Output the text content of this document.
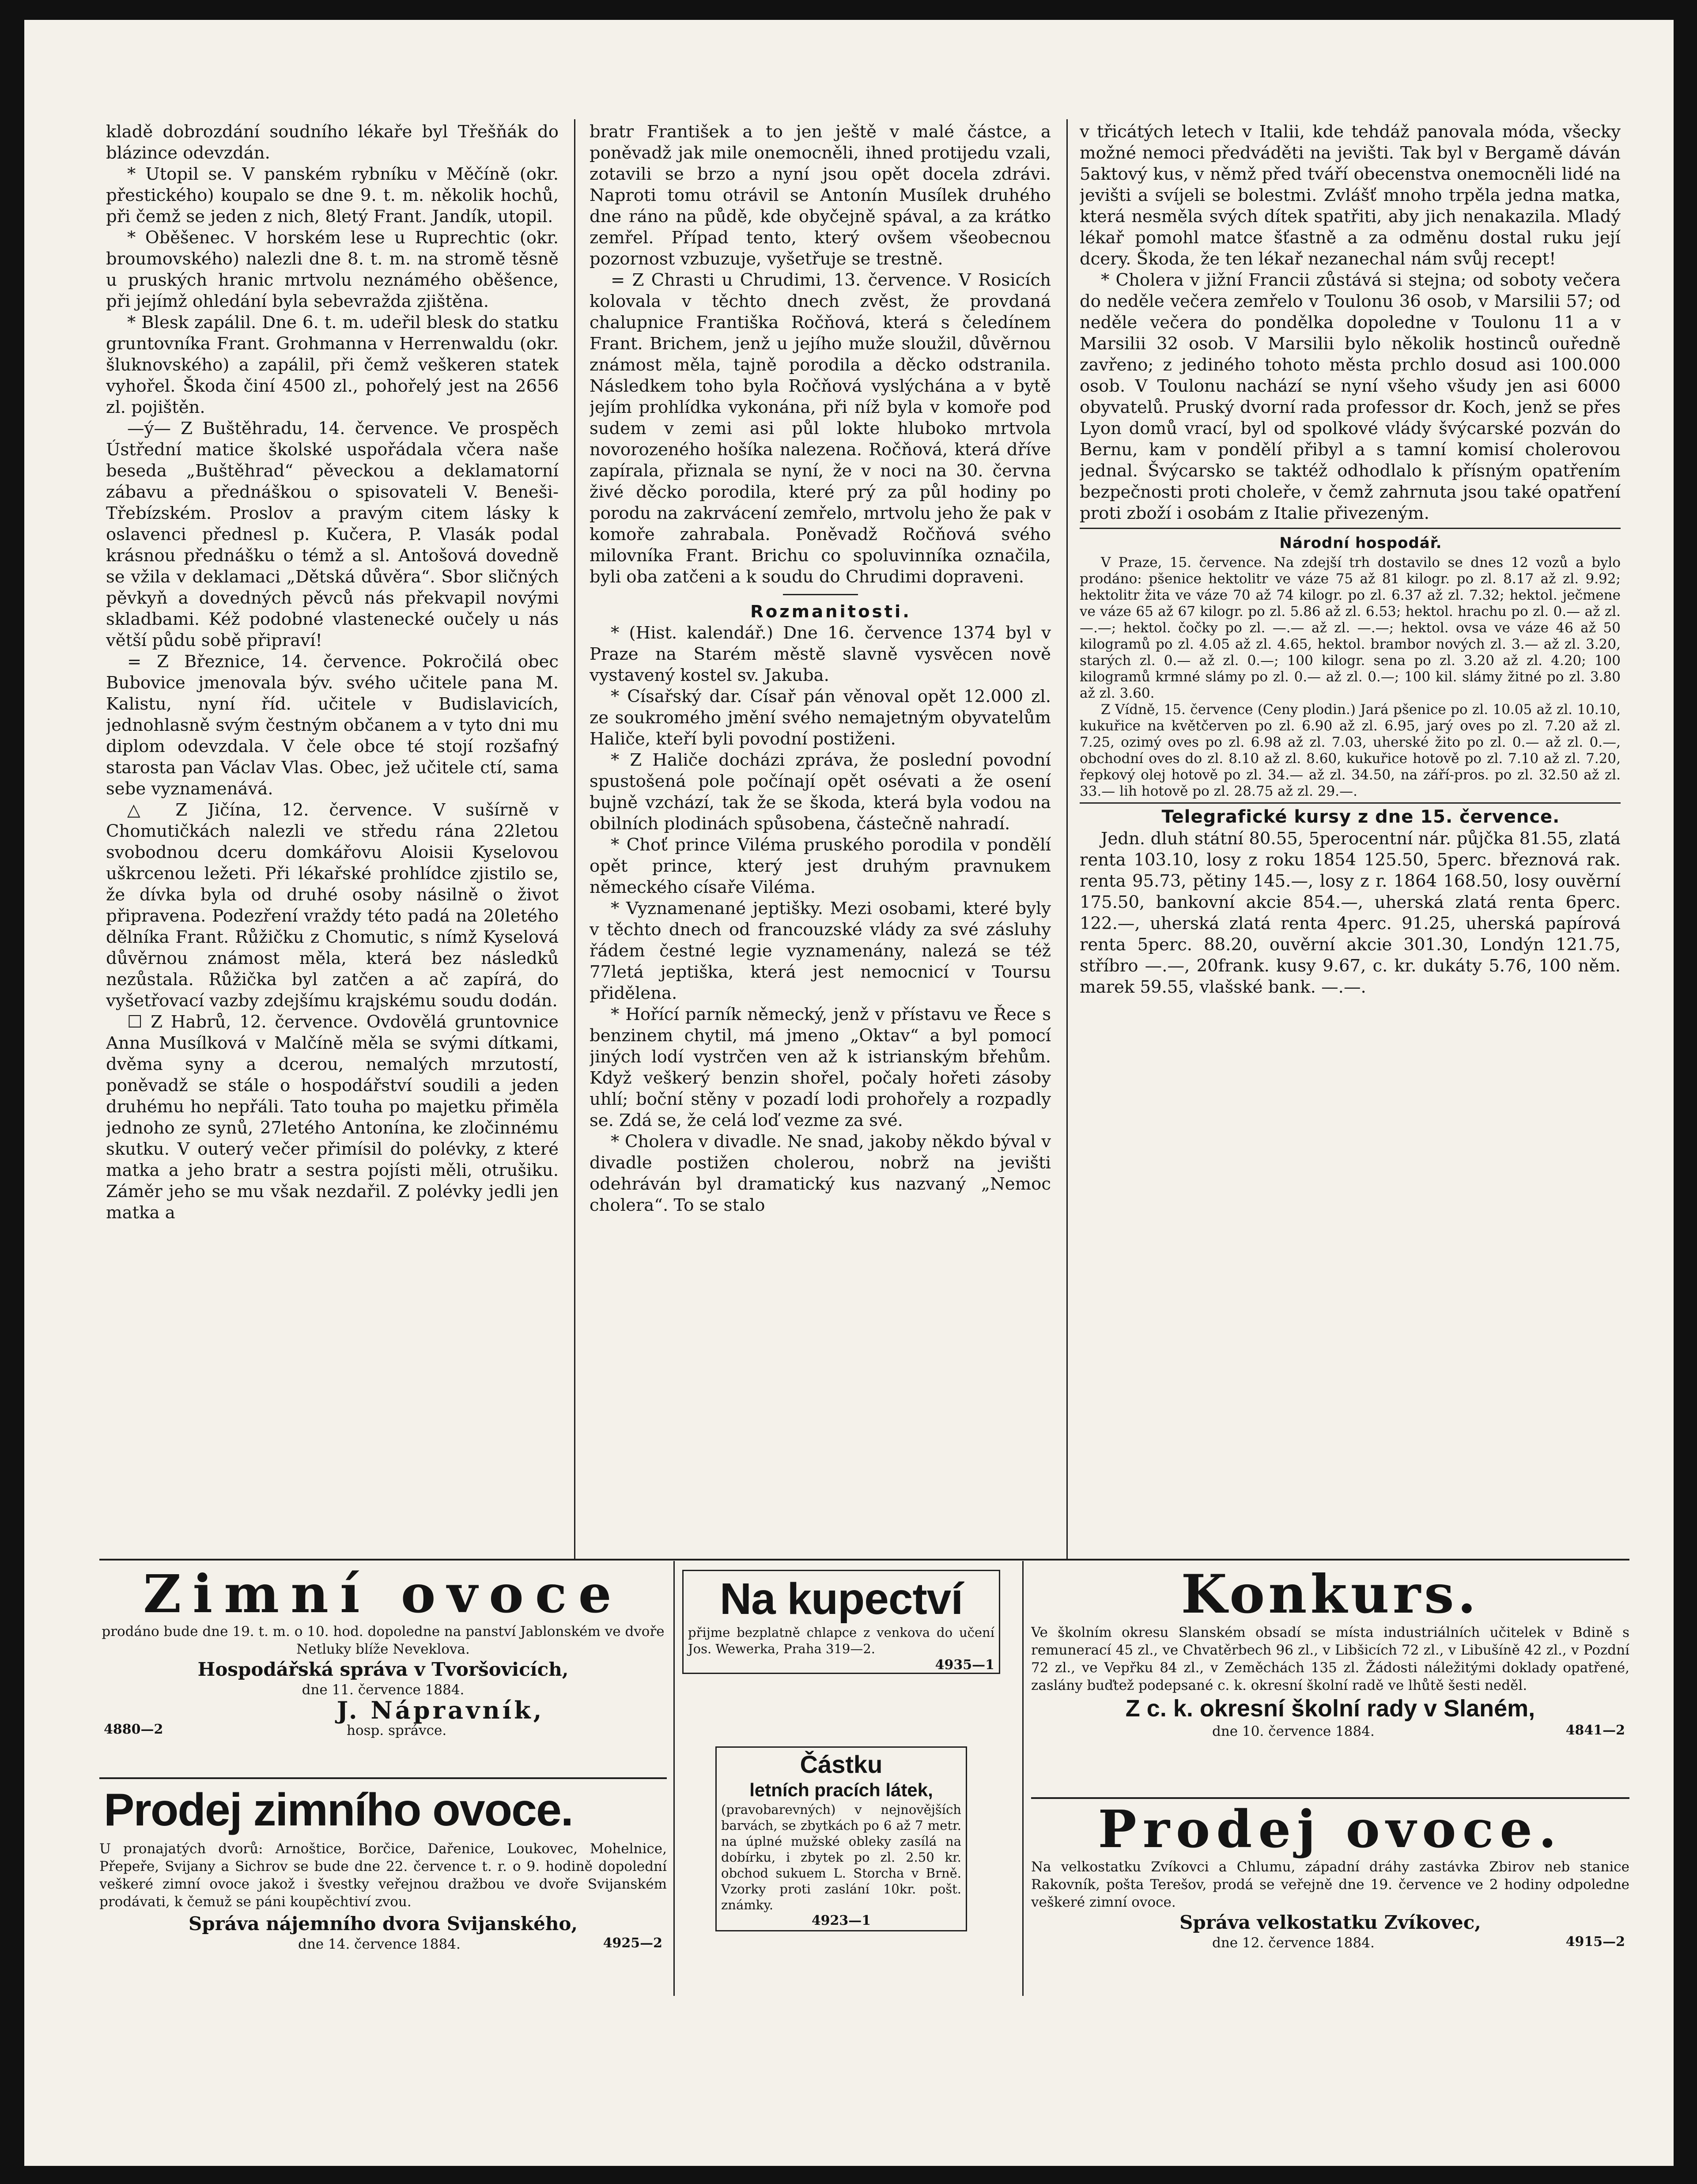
kladě dobrozdání soudního lékaře byl Třešňák do blázince odevzdán.

* Utopil se. V panském rybníku v Měčíně (okr. přestického) koupalo se dne 9. t. m. několik hochů, při čemž se jeden z nich, 8letý Frant. Jandík, utopil.

* Oběšenec. V horském lese u Ruprechtic (okr. broumovského) nalezli dne 8. t. m. na stromě těsně u pruských hranic mrtvolu neznámého oběšence, při jejímž ohledání byla sebevražda zjištěna.

* Blesk zapálil. Dne 6. t. m. udeřil blesk do statku gruntovníka Frant. Grohmanna v Herrenwaldu (okr. šluknovského) a zapálil, při čemž veškeren statek vyhořel. Škoda činí 4500 zl., pohořelý jest na 2656 zl. pojištěn.

—ý— Z Buštěhradu, 14. července. Ve prospěch Ústřední matice školské uspořádala včera naše beseda „Buštěhrad“ pěveckou a deklamatorní zábavu a přednáškou o spisovateli V. Beneši-Třebízském. Proslov a pravým citem lásky k oslavenci přednesl p. Kučera, P. Vlasák podal krásnou přednášku o témž a sl. Antošová dovedně se vžila v deklamaci „Dětská důvěra“. Sbor sličných pěvkyň a dovedných pěvců nás překvapil novými skladbami. Kéž podobné vlastenecké oučely u nás větší půdu sobě připraví!

= Z Březnice, 14. července. Pokročilá obec Bubovice jmenovala býv. svého učitele pana M. Kalistu, nyní říd. učitele v Budislavicích, jednohlasně svým čestným občanem a v tyto dni mu diplom odevzdala. V čele obce té stojí rozšafný starosta pan Václav Vlas. Obec, jež učitele ctí, sama sebe vyznamenává.

△ Z Jičína, 12. července. V sušírně v Chomutičkách nalezli ve středu rána 22letou svobodnou dceru domkářovu Aloisii Kyselovou uškrcenou ležeti. Při lékařské prohlídce zjistilo se, že dívka byla od druhé osoby násilně o život připravena. Podezření vraždy této padá na 20letého dělníka Frant. Růžičku z Chomutic, s nímž Kyselová důvěrnou známost měla, která bez následků nezůstala. Růžička byl zatčen a ač zapírá, do vyšetřovací vazby zdejšímu krajskému soudu dodán.

☐ Z Habrů, 12. července. Ovdovělá gruntovnice Anna Musílková v Malčíně měla se svými dítkami, dvěma syny a dcerou, nemalých mrzutostí, poněvadž se stále o hospodářství soudili a jeden druhému ho nepřáli. Tato touha po majetku přiměla jednoho ze synů, 27letého Antonína, ke zločinnému skutku. V outerý večer přimísil do polévky, z které matka a jeho bratr a sestra pojísti měli, otrušiku. Záměr jeho se mu však nezdařil. Z polévky jedli jen matka a

bratr František a to jen ještě v malé částce, a poněvadž jak mile onemocněli, ihned protijedu vzali, zotavili se brzo a nyní jsou opět docela zdrávi. Naproti tomu otrávil se Antonín Musílek druhého dne ráno na půdě, kde obyčejně spával, a za krátko zemřel. Případ tento, který ovšem všeobecnou pozornost vzbuzuje, vyšetřuje se trestně.

= Z Chrasti u Chrudimi, 13. července. V Rosicích kolovala v těchto dnech zvěst, že provdaná chalupnice Františka Ročňová, která s čeledínem Frant. Brichem, jenž u jejího muže sloužil, důvěrnou známost měla, tajně porodila a děcko odstranila. Následkem toho byla Ročňová vyslýchána a v bytě jejím prohlídka vykonána, při níž byla v komoře pod sudem v zemi asi půl lokte hluboko mrtvola novorozeného hošíka nalezena. Ročňová, která dříve zapírala, přiznala se nyní, že v noci na 30. června živé děcko porodila, které prý za půl hodiny po porodu na zakrvácení zemřelo, mrtvolu jeho že pak v komoře zahrabala. Poněvadž Ročňová svého milovníka Frant. Brichu co spoluvinníka označila, byli oba zatčeni a k soudu do Chrudimi dopraveni.

Rozmanitosti.

* (Hist. kalendář.) Dne 16. července 1374 byl v Praze na Starém městě slavně vysvěcen nově vystavený kostel sv. Jakuba.

* Císařský dar. Císař pán věnoval opět 12.000 zl. ze soukromého jmění svého nemajetným obyvatelům Haliče, kteří byli povodní postiženi.

* Z Haliče docházi zpráva, že poslední povodní spustošená pole počínají opět osévati a že osení bujně vzchází, tak že se škoda, která byla vodou na obilních plodinách spůsobena, částečně nahradí.

* Choť prince Viléma pruského porodila v pondělí opět prince, který jest druhým pravnukem německého císaře Viléma.

* Vyznamenané jeptišky. Mezi osobami, které byly v těchto dnech od francouzské vlády za své zásluhy řádem čestné legie vyznamenány, nalezá se též 77letá jeptiška, která jest nemocnicí v Toursu přidělena.

* Hořící parník německý, jenž v přístavu ve Řece s benzinem chytil, má jmeno „Oktav“ a byl pomocí jiných lodí vystrčen ven až k istrianským břehům. Když veškerý benzin shořel, počaly hořeti zásoby uhlí; boční stěny v pozadí lodi prohořely a rozpadly se. Zdá se, že celá loď vezme za své.

* Cholera v divadle. Ne snad, jakoby někdo býval v divadle postižen cholerou, nobrž na jevišti odehráván byl dramatický kus nazvaný „Nemoc cholera“. To se stalo

v třicátých letech v Italii, kde tehdáž panovala móda, všecky možné nemoci předváděti na jevišti. Tak byl v Bergamě dáván 5aktový kus, v němž před tváří obecenstva onemocněli lidé na jevišti a svíjeli se bolestmi. Zvlášť mnoho trpěla jedna matka, která nesměla svých dítek spatřiti, aby jich nenakazila. Mladý lékař pomohl matce šťastně a za odměnu dostal ruku její dcery. Škoda, že ten lékař nezanechal nám svůj recept!

* Cholera v jižní Francii zůstává si stejna; od soboty večera do neděle večera zemřelo v Toulonu 36 osob, v Marsilii 57; od neděle večera do pondělka dopoledne v Toulonu 11 a v Marsilii 32 osob. V Marsilii bylo několik hostinců ouředně zavřeno; z jediného tohoto města prchlo dosud asi 100.000 osob. V Toulonu nachází se nyní všeho všudy jen asi 6000 obyvatelů. Pruský dvorní rada professor dr. Koch, jenž se přes Lyon domů vrací, byl od spolkové vlády švýcarské pozván do Bernu, kam v pondělí přibyl a s tamní komisí cholerovou jednal. Švýcarsko se taktéž odhodlalo k přísným opatřením bezpečnosti proti choleře, v čemž zahrnuta jsou také opatření proti zboží i osobám z Italie přivezeným.

Národní hospodář.

V Praze, 15. července. Na zdejší trh dostavilo se dnes 12 vozů a bylo prodáno: pšenice hektolitr ve váze 75 až 81 kilogr. po zl. 8.17 až zl. 9.92; hektolitr žita ve váze 70 až 74 kilogr. po zl. 6.37 až zl. 7.32; hektol. ječmene ve váze 65 až 67 kilogr. po zl. 5.86 až zl. 6.53; hektol. hrachu po zl. 0.— až zl. —.—; hektol. čočky po zl. —.— až zl. —.—; hektol. ovsa ve váze 46 až 50 kilogramů po zl. 4.05 až zl. 4.65, hektol. brambor nových zl. 3.— až zl. 3.20, starých zl. 0.— až zl. 0.—; 100 kilogr. sena po zl. 3.20 až zl. 4.20; 100 kilogramů krmné slámy po zl. 0.— až zl. 0.—; 100 kil. slámy žitné po zl. 3.80 až zl. 3.60.

Z Vídně, 15. července (Ceny plodin.) Jará pšenice po zl. 10.05 až zl. 10.10, kukuřice na květčerven po zl. 6.90 až zl. 6.95, jarý oves po zl. 7.20 až zl. 7.25, ozimý oves po zl. 6.98 až zl. 7.03, uherské žito po zl. 0.— až zl. 0.—, obchodní oves do zl. 8.10 až zl. 8.60, kukuřice hotově po zl. 7.10 až zl. 7.20, řepkový olej hotově po zl. 34.— až zl. 34.50, na září-pros. po zl. 32.50 až zl. 33.— lih hotově po zl. 28.75 až zl. 29.—.

Telegrafické kursy z dne 15. července.

Jedn. dluh státní 80.55, 5perocentní nár. půjčka 81.55, zlatá renta 103.10, losy z roku 1854 125.50, 5perc. březnová rak. renta 95.73, pětiny 145.—, losy z r. 1864 168.50, losy ouvěrní 175.50, bankovní akcie 854.—, uherská zlatá renta 6perc. 122.—, uherská zlatá renta 4perc. 91.25, uherská papírová renta 5perc. 88.20, ouvěrní akcie 301.30, Londýn 121.75, stříbro —.—, 20frank. kusy 9.67, c. kr. dukáty 5.76, 100 něm. marek 59.55, vlašské bank. —.—.

Zimní ovoce
prodáno bude dne 19. t. m. o 10. hod. dopoledne na panství Jablonském ve dvoře Netluky blíže Neveklova.
Hospodářská správa v Tvoršovicích,
dne 11. července 1884.
J. Nápravník,
4880—2	hosp. správce.
Prodej zimního ovoce.
U pronajatých dvorů: Arnoštice, Borčice, Dařenice, Loukovec, Mohelnice, Přepeře, Svijany a Sichrov se bude dne 22. července t. r. o 9. hodině dopolední veškeré zimní ovoce jakož i švestky veřejnou dražbou ve dvoře Svijanském prodávati, k čemuž se páni koupěchtiví zvou.
Správa nájemního dvora Svijanského,
dne 14. července 1884.	4925—2
Na kupectví
přijme bezplatně chlapce z venkova do učení Jos. Wewerka, Praha 319—2.
4935—1
Částku
letních pracích látek,
(pravobarevných) v nejnovějších barvách, se zbytkách po 6 až 7 metr. na úplné mužské obleky zasílá na dobírku, i zbytek po zl. 2.50 kr. obchod sukuem L. Storcha v Brně. Vzorky proti zaslání 10kr. pošt. známky.
4923—1
Konkurs.
Ve školním okresu Slanském obsadí se místa industriálních učitelek v Bdině s remunerací 45 zl., ve Chvatěrbech 96 zl., v Libšicích 72 zl., v Libušíně 42 zl., v Pozdní 72 zl., ve Vepřku 84 zl., v Zeměchách 135 zl. Žádosti náležitými doklady opatřené, zaslány buďtež podepsané c. k. okresní školní radě ve lhůtě šesti neděl.
Z c. k. okresní školní rady v Slaném,
dne 10. července 1884.	4841—2
Prodej ovoce.
Na velkostatku Zvíkovci a Chlumu, západní dráhy zastávka Zbirov neb stanice Rakovník, pošta Terešov, prodá se veřejně dne 19. července ve 2 hodiny odpoledne veškeré zimní ovoce.
Správa velkostatku Zvíkovec,
dne 12. července 1884.	4915—2
